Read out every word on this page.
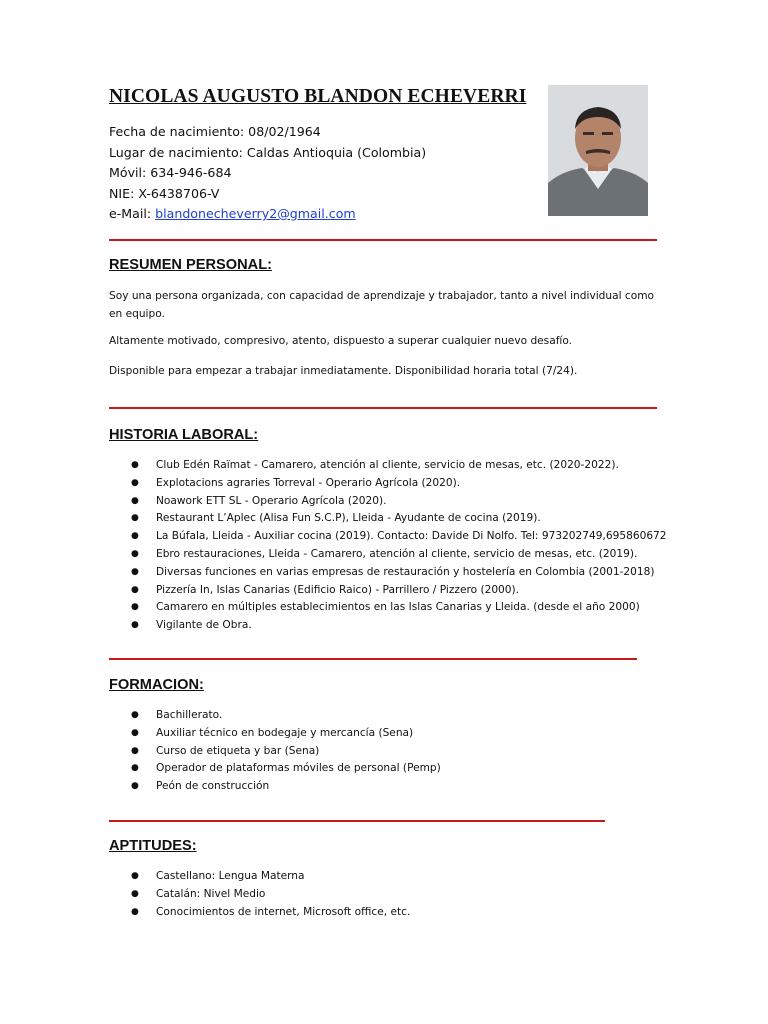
NICOLAS AUGUSTO BLANDON ECHEVERRI
Fecha de nacimiento: 08/02/1964
Lugar de nacimiento: Caldas Antioquia (Colombia)
Móvil: 634-946-684
NIE: X-6438706-V
e-Mail: blandonecheverry2@gmail.com
RESUMEN PERSONAL:

Soy una persona organizada, con capacidad de aprendizaje y trabajador, tanto a nivel individual como en equipo.

Altamente motivado, compresivo, atento, dispuesto a superar cualquier nuevo desafío.

Disponible para empezar a trabajar inmediatamente. Disponibilidad horaria total (7/24).

HISTORIA LABORAL:
● Club Edén Raïmat - Camarero, atención al cliente, servicio de mesas, etc. (2020-2022).
● Explotacions agraries Torreval - Operario Agrícola (2020).
● Noawork ETT SL - Operario Agrícola (2020).
● Restaurant L’Aplec (Alisa Fun S.C.P), Lleida - Ayudante de cocina (2019).
● La Búfala, Lleida - Auxiliar cocina (2019). Contacto: Davide Di Nolfo. Tel: 973202749,695860672
● Ebro restauraciones, Lleida - Camarero, atención al cliente, servicio de mesas, etc. (2019).
● Diversas funciones en varias empresas de restauración y hostelería en Colombia (2001-2018)
● Pizzería In, Islas Canarias (Edificio Raico) - Parrillero / Pizzero (2000).
● Camarero en múltiples establecimientos en las Islas Canarias y Lleida. (desde el año 2000)
● Vigilante de Obra.
FORMACION:
● Bachillerato.
● Auxiliar técnico en bodegaje y mercancía (Sena)
● Curso de etiqueta y bar (Sena)
● Operador de plataformas móviles de personal (Pemp)
● Peón de construcción
APTITUDES:
● Castellano: Lengua Materna
● Catalán: Nivel Medio
● Conocimientos de internet, Microsoft office, etc.
